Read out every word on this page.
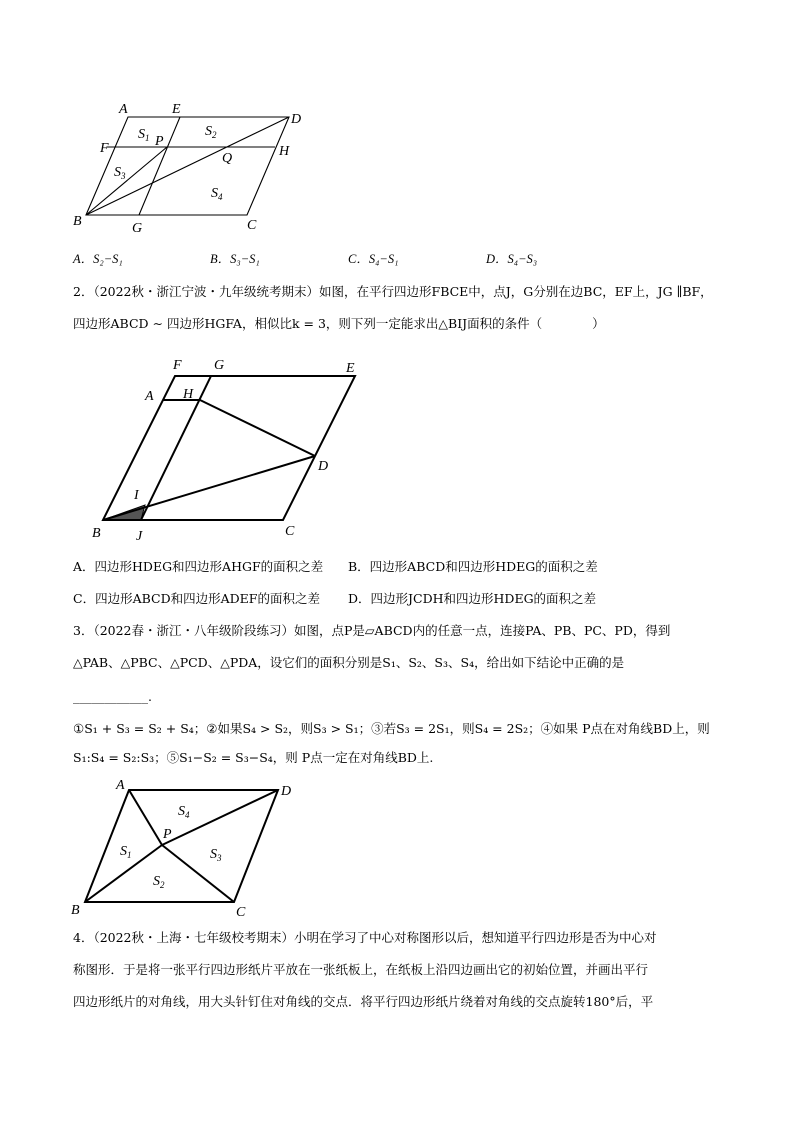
A	E
D
F	P
H
Q
B	G	C
$S_1$	$S_2$
$S_3$
$S_4$
A．S₂−S₁	B．S₃−S₁	C．S₄−S₁	D．S₄−S₃
2．（2022秋・浙江宁波・九年级统考期末）如图，在平行四边形FBCE中，点J，G分别在边BC，EF上，JG ∥BF，
四边形ABCD ∼ 四边形HGFA，相似比k = 3，则下列一定能求出△BIJ面积的条件（　　　　）
F G	E
A H
D
I
B	J	C
A．四边形HDEG和四边形AHGF的面积之差 B．四边形ABCD和四边形HDEG的面积之差
C．四边形ABCD和四边形ADEF的面积之差 D．四边形JCDH和四边形HDEG的面积之差
3．（2022春・浙江・八年级阶段练习）如图，点P是▱ABCD内的任意一点，连接PA、PB、PC、PD，得到
△PAB、△PBC、△PCD、△PDA，设它们的面积分别是S₁、S₂、S₃、S₄，给出如下结论中正确的是
____________.
①S₁ + S₃ = S₂ + S₄；②如果S₄ > S₂，则S₃ > S₁；③若S₃ = 2S₁，则S₄ = 2S₂；④如果 P点在对角线BD上，则
S₁:S₄ = S₂:S₃；⑤S₁−S₂ = S₃−S₄，则 P点一定在对角线BD上.
A	D
P
B	C
$S_4$
$S_1$	$S_3$
$S_2$
4．（2022秋・上海・七年级校考期末）小明在学习了中心对称图形以后，想知道平行四边形是否为中心对
称图形．于是将一张平行四边形纸片平放在一张纸板上，在纸板上沿四边画出它的初始位置，并画出平行
四边形纸片的对角线，用大头针钉住对角线的交点．将平行四边形纸片绕着对角线的交点旋转180°后，平
